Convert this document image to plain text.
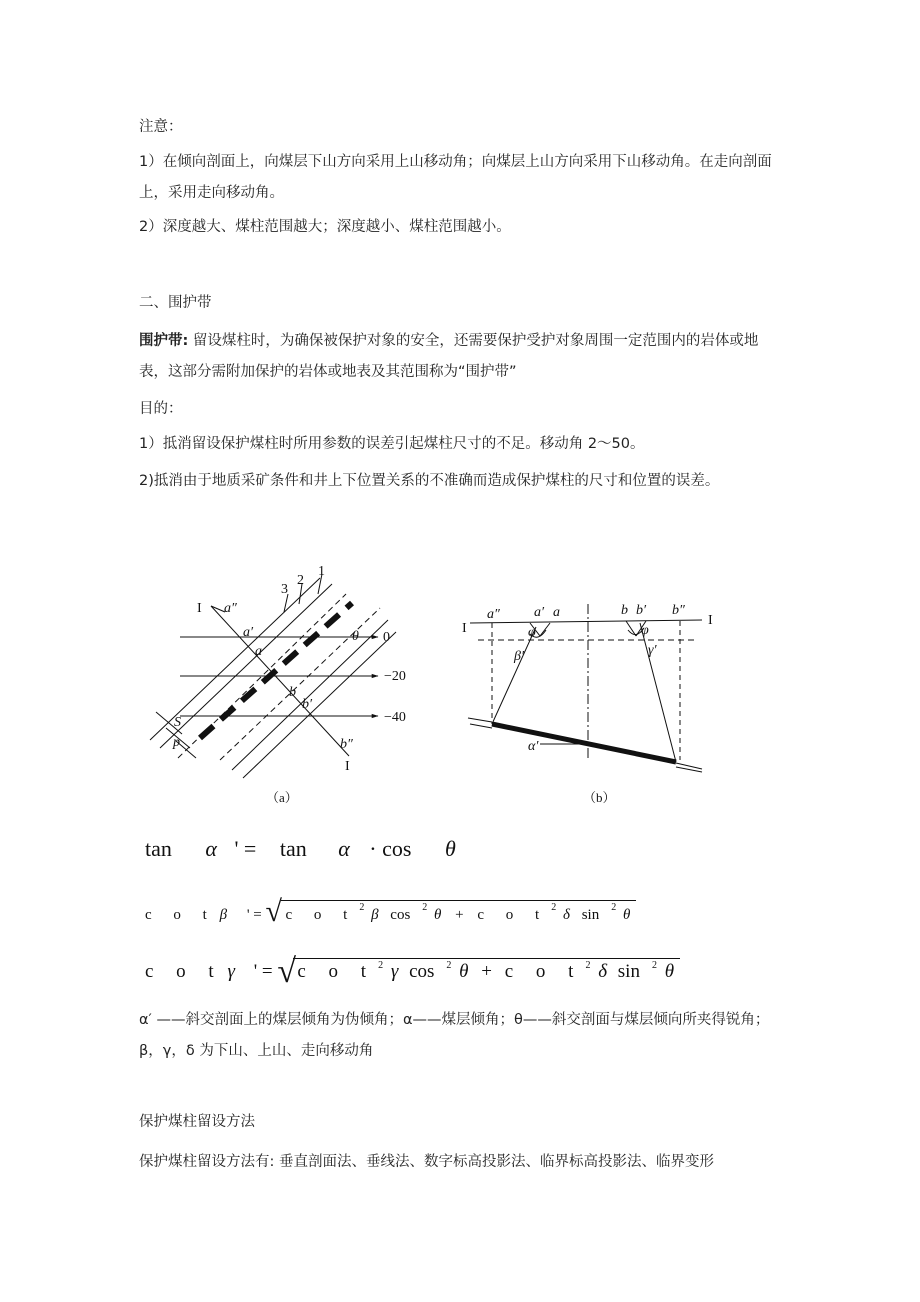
注意：
1）在倾向剖面上，向煤层下山方向采用上山移动角；向煤层上山方向采用下山移动角。在走向剖面上，采用走向移动角。
2）深度越大、煤柱范围越大；深度越小、煤柱范围越小。
二、围护带
围护带: 留设煤柱时，为确保被保护对象的安全，还需要保护受护对象周围一定范围内的岩体或地表，这部分需附加保护的岩体或地表及其范围称为“围护带”
目的：
1）抵消留设保护煤柱时所用参数的误差引起煤柱尺寸的不足。移动角 2～50。
2)抵消由于地质采矿条件和井上下位置关系的不准确而造成保护煤柱的尺寸和位置的误差。
I a″
a′
a
b
b′
b″
I
θ
1
2
3
0
−20
−40
S
p
（a）
I
I
a″ a′ a	b b′ b″
φ	φ
β′	γ′
α′
（b）
tan α ' = tan α · cos θ
c o t β ' = √ c o t 2 β cos 2 θ + c o t 2 δ sin 2 θ
c o t γ ' = √ c o t 2 γ cos 2 θ + c o t 2 δ sin 2 θ
α′ ——斜交剖面上的煤层倾角为伪倾角；α——煤层倾角；θ——斜交剖面与煤层倾向所夹得锐角；β，γ，δ 为下山、上山、走向移动角
保护煤柱留设方法
保护煤柱留设方法有: 垂直剖面法、垂线法、数字标高投影法、临界标高投影法、临界变形
